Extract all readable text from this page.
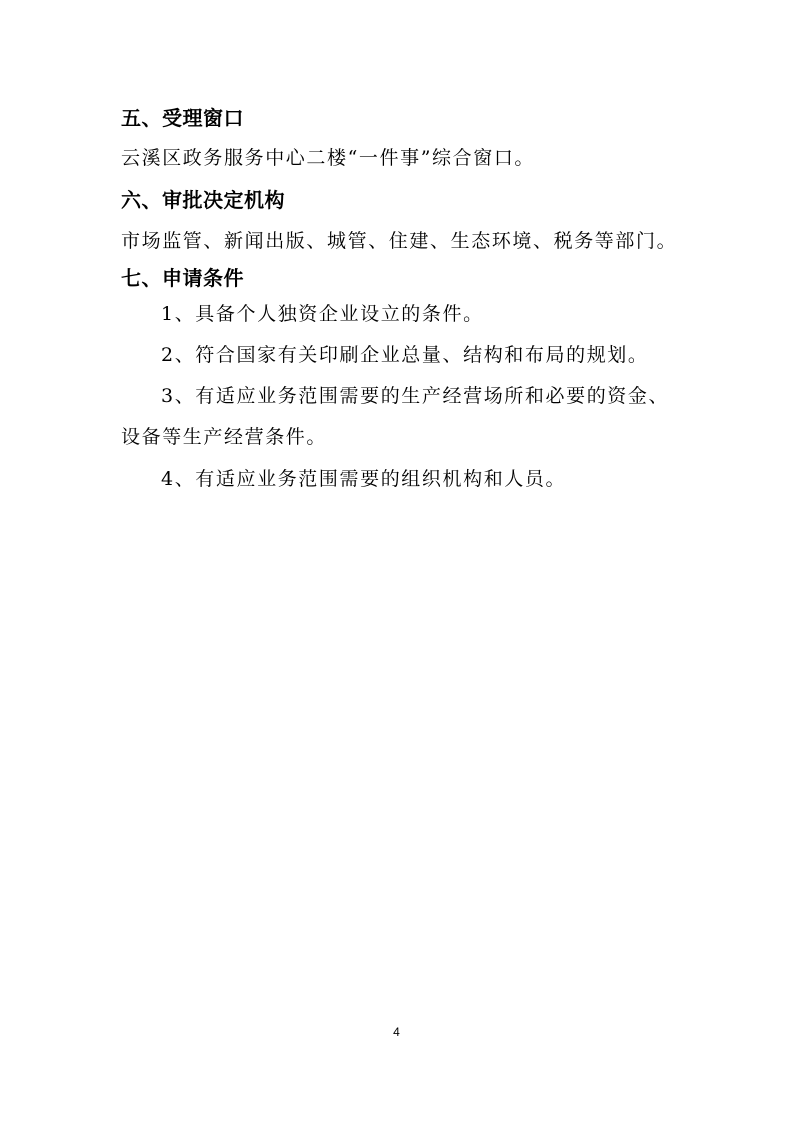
五、受理窗口
云溪区政务服务中心二楼“一件事”综合窗口。
六、审批决定机构
市场监管、新闻出版、城管、住建、生态环境、税务等部门。
七、申请条件
1、具备个人独资企业设立的条件。
2、符合国家有关印刷企业总量、结构和布局的规划。
3、有适应业务范围需要的生产经营场所和必要的资金、
设备等生产经营条件。
4、有适应业务范围需要的组织机构和人员。
4
